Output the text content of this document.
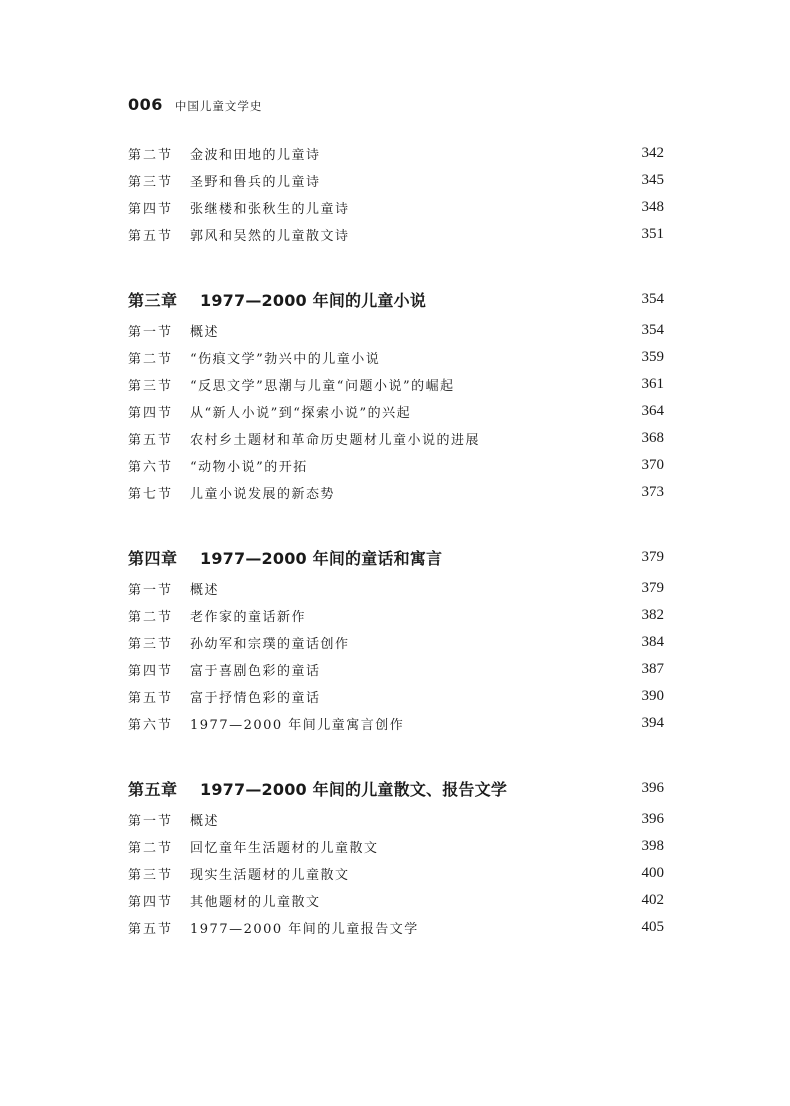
006 中国儿童文学史
第二节	金波和田地的儿童诗	342
第三节	圣野和鲁兵的儿童诗	345
第四节	张继楼和张秋生的儿童诗	348
第五节	郭风和吴然的儿童散文诗	351
第三章	1977—2000 年间的儿童小说	354
第一节	概述	354
第二节	“伤痕文学”勃兴中的儿童小说	359
第三节	“反思文学”思潮与儿童“问题小说”的崛起	361
第四节	从“新人小说”到“探索小说”的兴起	364
第五节	农村乡土题材和革命历史题材儿童小说的进展	368
第六节	“动物小说”的开拓	370
第七节	儿童小说发展的新态势	373
第四章	1977—2000 年间的童话和寓言	379
第一节	概述	379
第二节	老作家的童话新作	382
第三节	孙幼军和宗璞的童话创作	384
第四节	富于喜剧色彩的童话	387
第五节	富于抒情色彩的童话	390
第六节	1977—2000 年间儿童寓言创作	394
第五章	1977—2000 年间的儿童散文、报告文学	396
第一节	概述	396
第二节	回忆童年生活题材的儿童散文	398
第三节	现实生活题材的儿童散文	400
第四节	其他题材的儿童散文	402
第五节	1977—2000 年间的儿童报告文学	405
